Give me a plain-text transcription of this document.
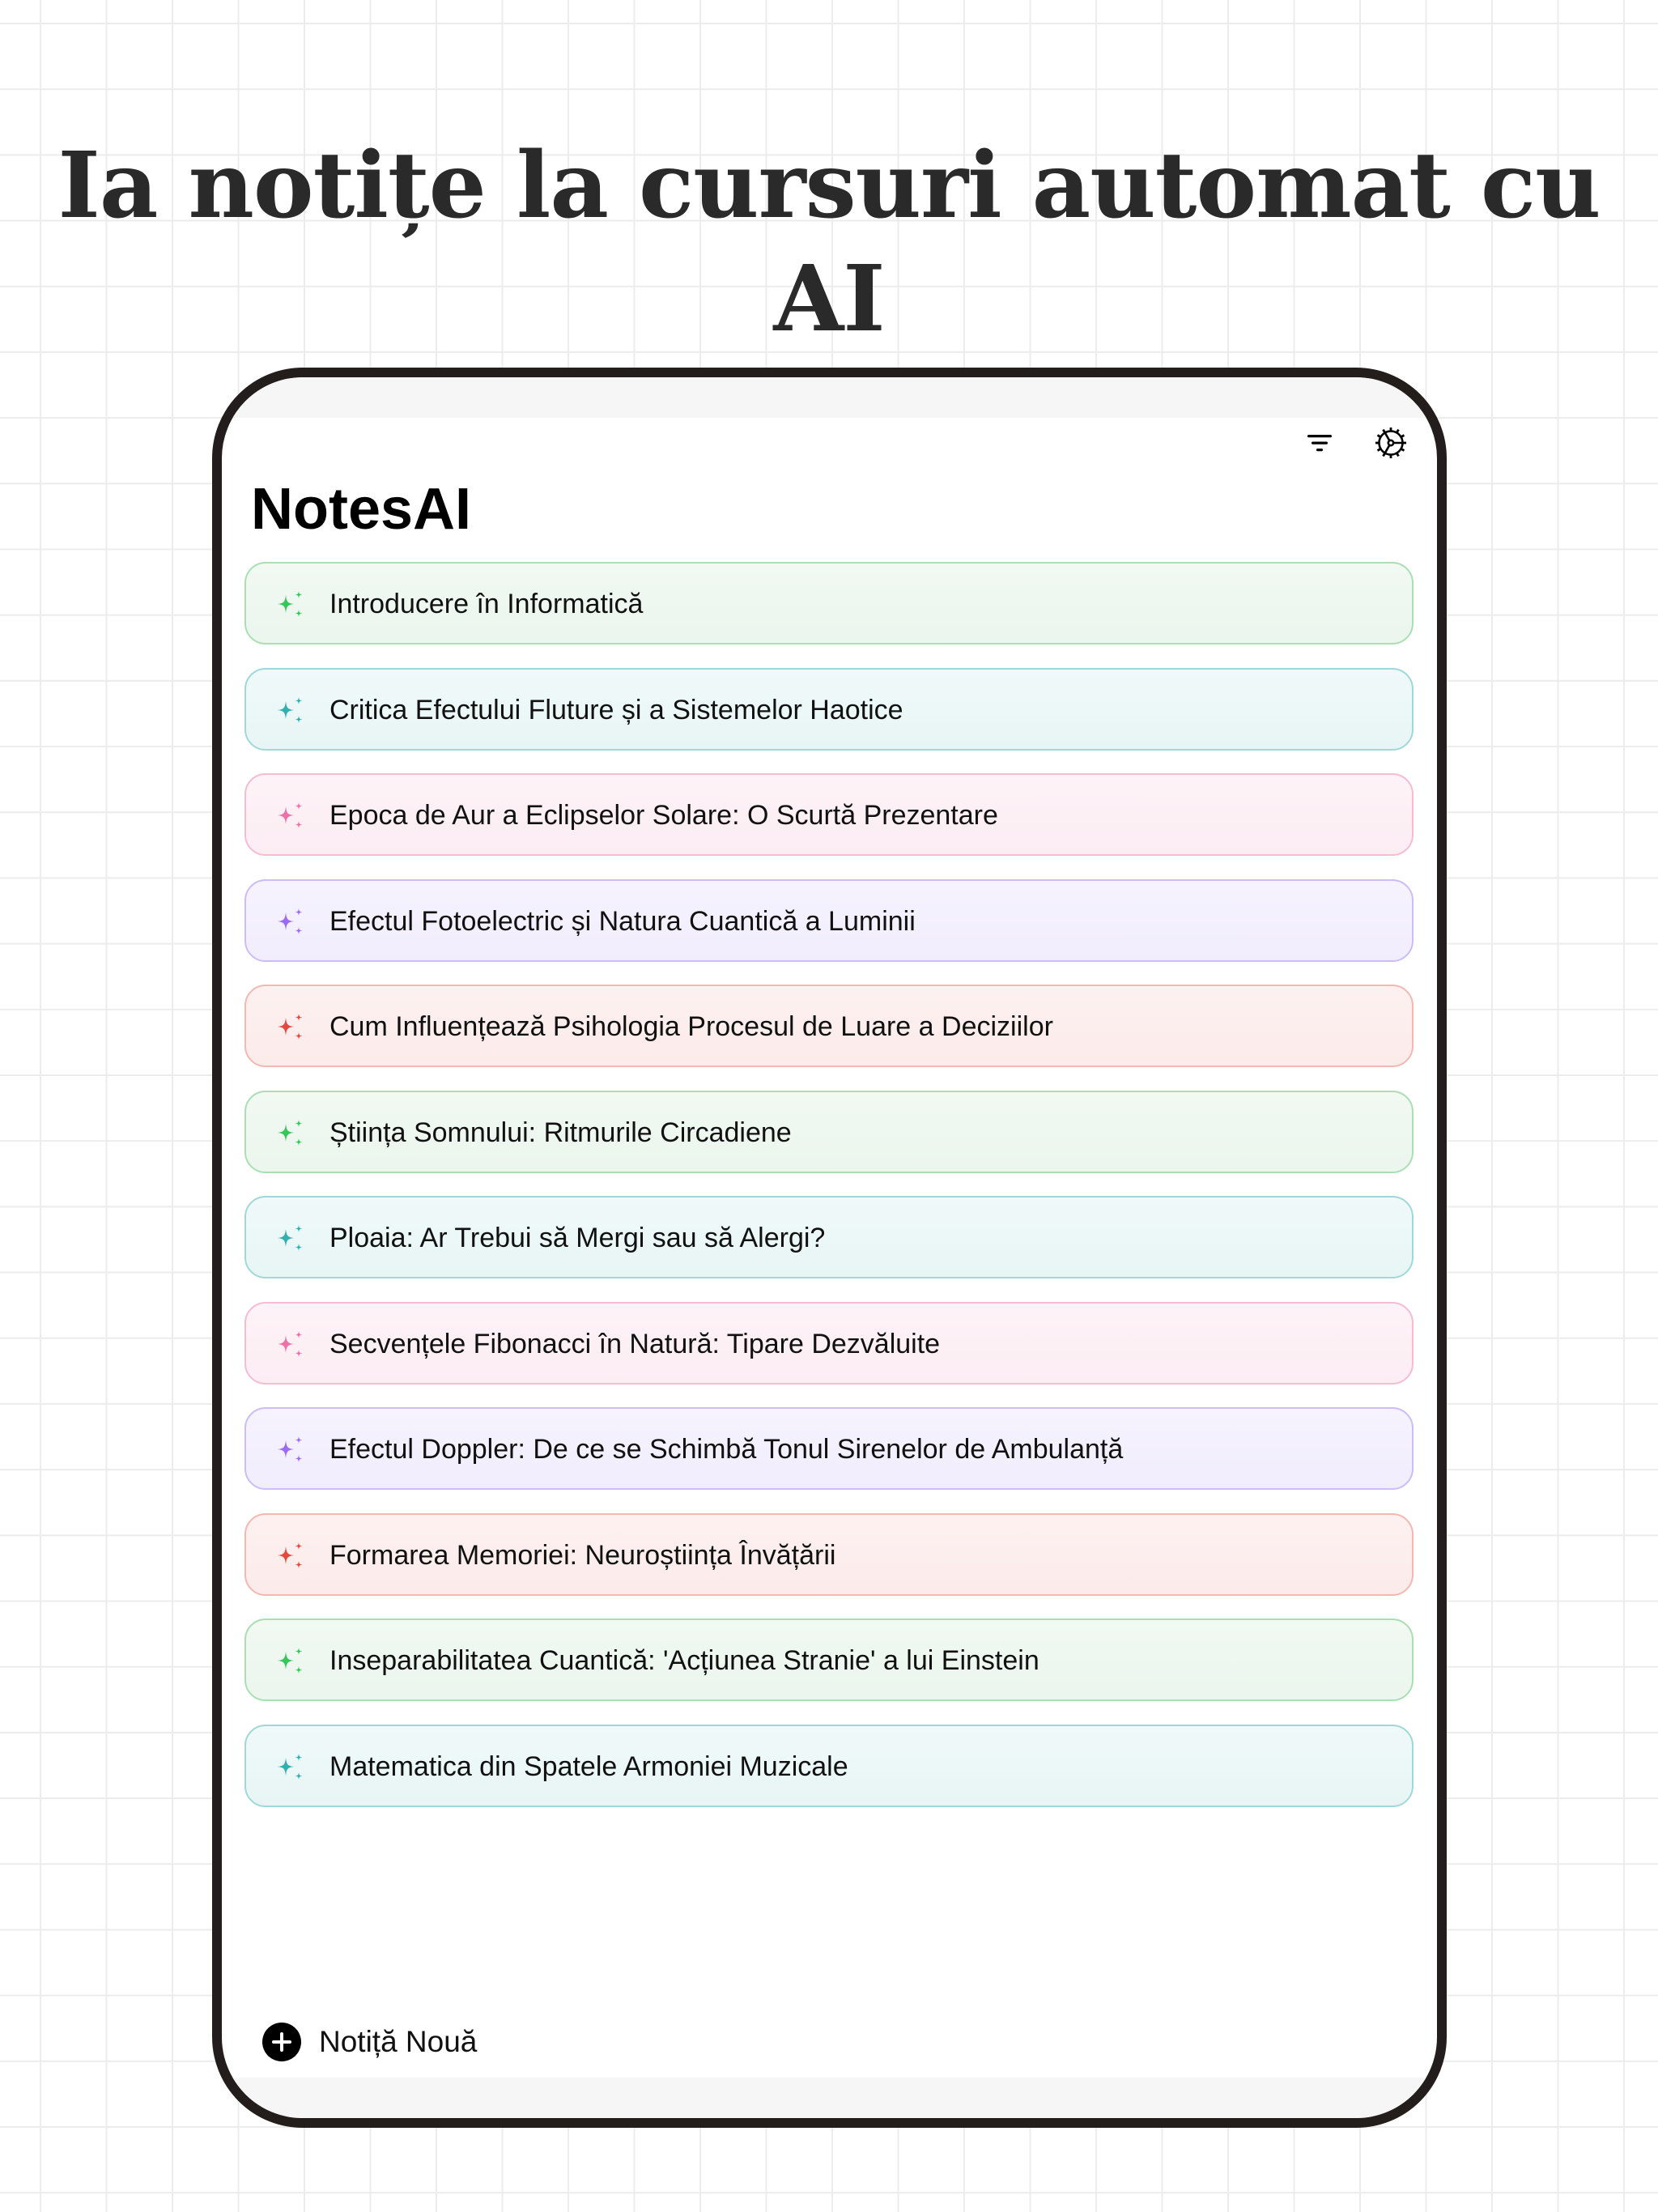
Ia notițe la cursuri automat cu AI
NotesAI
Introducere în Informatică
Critica Efectului Fluture și a Sistemelor Haotice
Epoca de Aur a Eclipselor Solare: O Scurtă Prezentare
Efectul Fotoelectric și Natura Cuantică a Luminii
Cum Influențează Psihologia Procesul de Luare a Deciziilor
Știința Somnului: Ritmurile Circadiene
Ploaia: Ar Trebui să Mergi sau să Alergi?
Secvențele Fibonacci în Natură: Tipare Dezvăluite
Efectul Doppler: De ce se Schimbă Tonul Sirenelor de Ambulanță
Formarea Memoriei: Neuroștiința Învățării
Inseparabilitatea Cuantică: 'Acțiunea Stranie' a lui Einstein
Matematica din Spatele Armoniei Muzicale
Notiță Nouă
